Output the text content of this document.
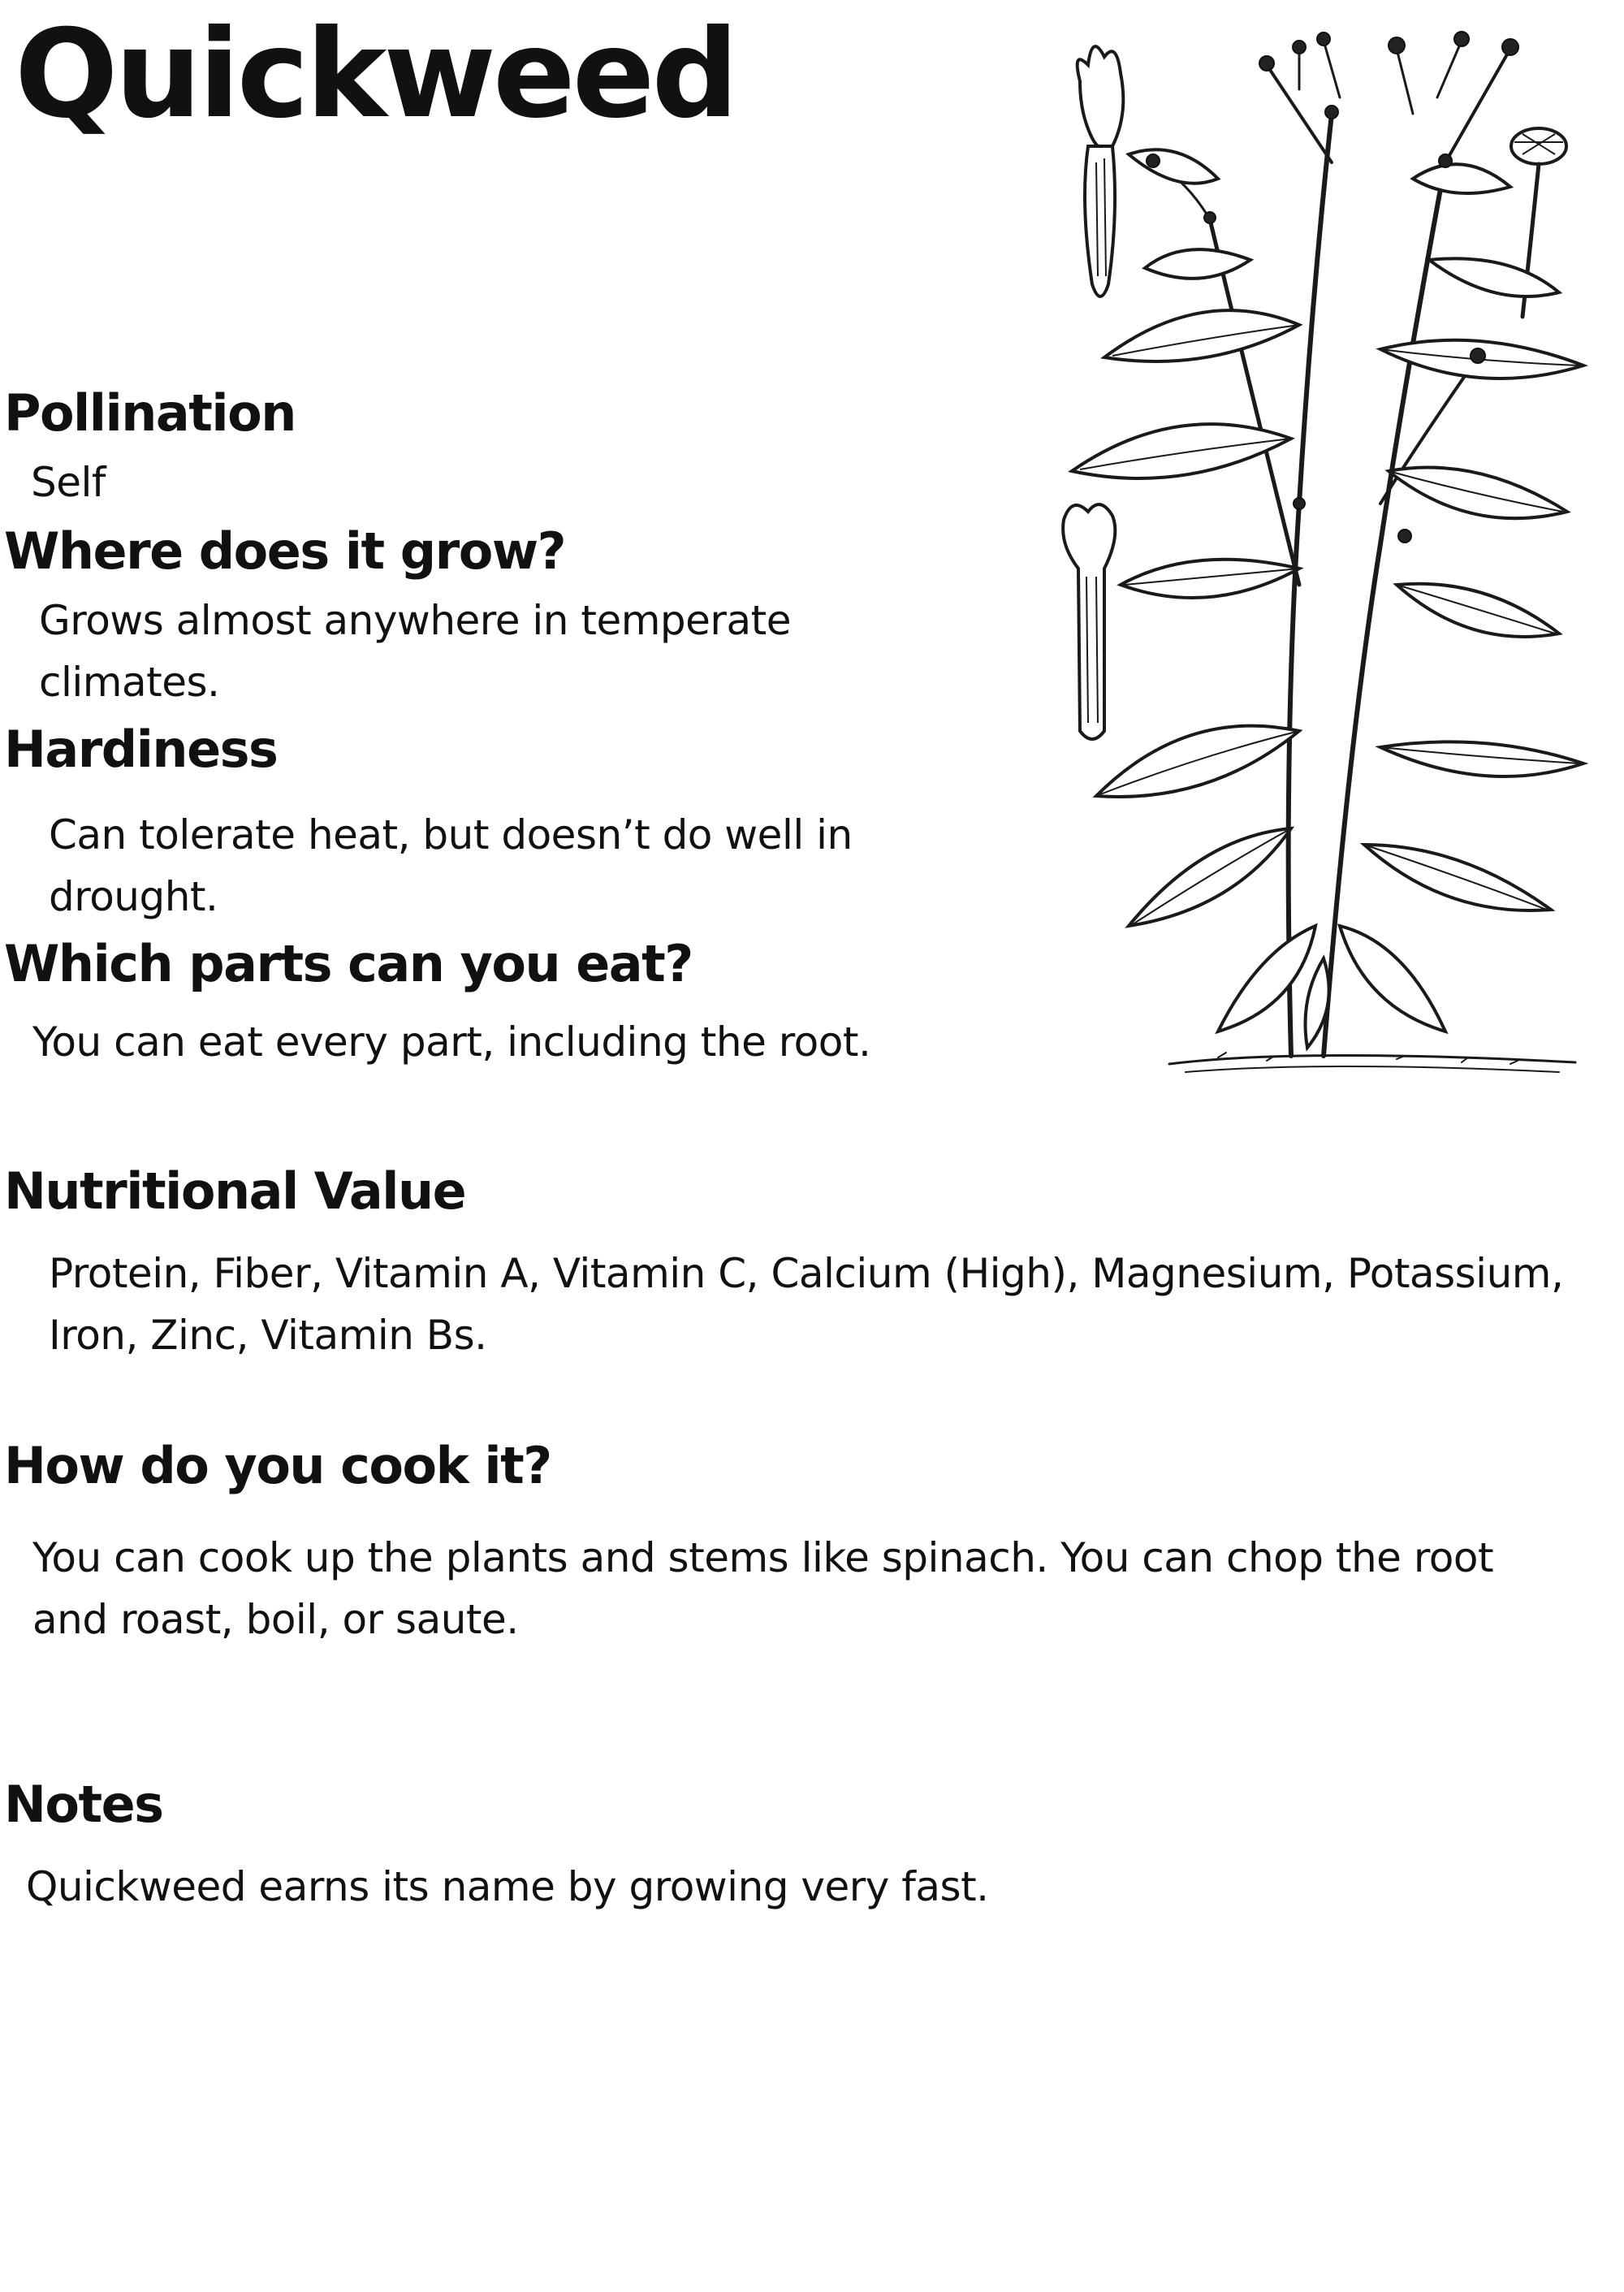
Quickweed
Pollination

Self

Where does it grow?

Grows almost anywhere in temperate climates.

Hardiness

Can tolerate heat, but doesn’t do well in drought.

Which parts can you eat?

You can eat every part, including the root.

Nutritional Value

Protein, Fiber, Vitamin A, Vitamin C, Calcium (High), Magnesium, Potassium, Iron, Zinc, Vitamin Bs.

How do you cook it?

You can cook up the plants and stems like spinach. You can chop the root and roast, boil, or saute.

Notes

Quickweed earns its name by growing very fast.
